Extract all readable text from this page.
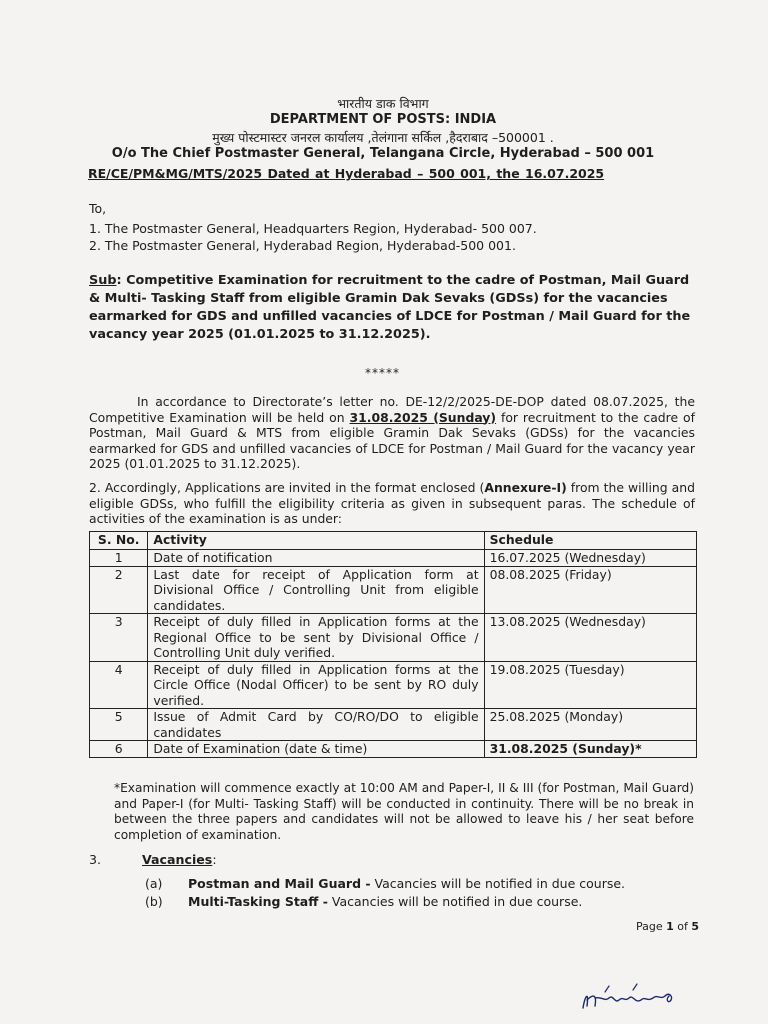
भारतीय डाक विभाग
DEPARTMENT OF POSTS: INDIA
मुख्य पोस्टमास्टर जनरल कार्यालय ,तेलंगाना सर्किल ,हैदराबाद –500001 .
O/o The Chief Postmaster General, Telangana Circle, Hyderabad – 500 001
RE/CE/PM&MG/MTS/2025 Dated at Hyderabad – 500 001, the 16.07.2025
To,
1. The Postmaster General, Headquarters Region, Hyderabad- 500 007.
2. The Postmaster General, Hyderabad Region, Hyderabad-500 001.
Sub: Competitive Examination for recruitment to the cadre of Postman, Mail Guard & Multi- Tasking Staff from eligible Gramin Dak Sevaks (GDSs) for the vacancies earmarked for GDS and unfilled vacancies of LDCE for Postman / Mail Guard for the vacancy year 2025 (01.01.2025 to 31.12.2025).
*****
In accordance to Directorate’s letter no. DE-12/2/2025-DE-DOP dated 08.07.2025, the Competitive Examination will be held on 31.08.2025 (Sunday) for recruitment to the cadre of Postman, Mail Guard & MTS from eligible Gramin Dak Sevaks (GDSs) for the vacancies earmarked for GDS and unfilled vacancies of LDCE for Postman / Mail Guard for the vacancy year 2025 (01.01.2025 to 31.12.2025).
2. Accordingly, Applications are invited in the format enclosed (Annexure-I) from the willing and eligible GDSs, who fulfill the eligibility criteria as given in subsequent paras. The schedule of activities of the examination is as under:
S. No.	Activity	Schedule
1	Date of notification	16.07.2025 (Wednesday)
2	Last date for receipt of Application form at Divisional Office / Controlling Unit from eligible candidates.	08.08.2025 (Friday)
3	Receipt of duly filled in Application forms at the Regional Office to be sent by Divisional Office / Controlling Unit duly verified.	13.08.2025 (Wednesday)
4	Receipt of duly filled in Application forms at the Circle Office (Nodal Officer) to be sent by RO duly verified.	19.08.2025 (Tuesday)
5	Issue of Admit Card by CO/RO/DO to eligible candidates	25.08.2025 (Monday)
6	Date of Examination (date & time)	31.08.2025 (Sunday)*
*Examination will commence exactly at 10:00 AM and Paper-I, II & III (for Postman, Mail Guard) and Paper-I (for Multi- Tasking Staff) will be conducted in continuity. There will be no break in between the three papers and candidates will not be allowed to leave his / her seat before completion of examination.
3.	Vacancies:
(a) Postman and Mail Guard - Vacancies will be notified in due course.
(b) Multi-Tasking Staff - Vacancies will be notified in due course.
Page 1 of 5
